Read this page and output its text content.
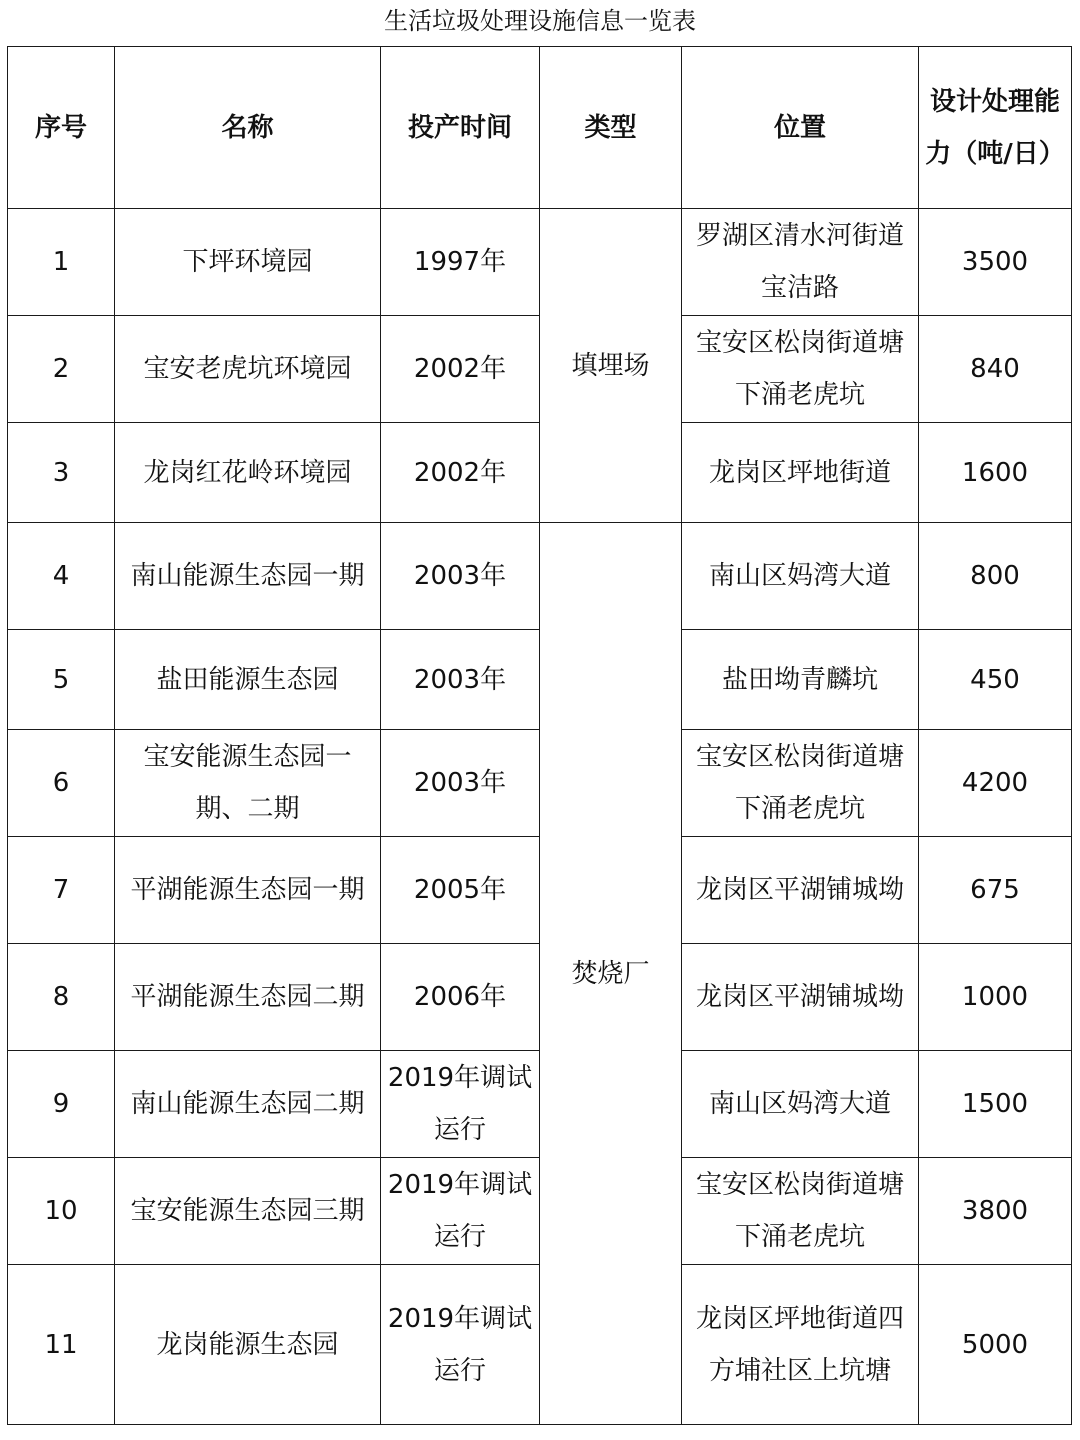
生活垃圾处理设施信息一览表
序号	名称	投产时间	类型	位置	设计处理能力（吨/日）
1	下坪环境园	1997年	填埋场	罗湖区清水河街道宝洁路	3500
2	宝安老虎坑环境园	2002年		宝安区松岗街道塘下涌老虎坑	840
3	龙岗红花岭环境园	2002年		龙岗区坪地街道	1600
4	南山能源生态园一期	2003年	焚烧厂	南山区妈湾大道	800
5	盐田能源生态园	2003年		盐田坳青麟坑	450
6	宝安能源生态园一期、二期	2003年		宝安区松岗街道塘下涌老虎坑	4200
7	平湖能源生态园一期	2005年		龙岗区平湖铺城坳	675
8	平湖能源生态园二期	2006年		龙岗区平湖铺城坳	1000
9	南山能源生态园二期	2019年调试运行		南山区妈湾大道	1500
10	宝安能源生态园三期	2019年调试运行		宝安区松岗街道塘下涌老虎坑	3800
11	龙岗能源生态园	2019年调试运行		龙岗区坪地街道四方埔社区上坑塘	5000
